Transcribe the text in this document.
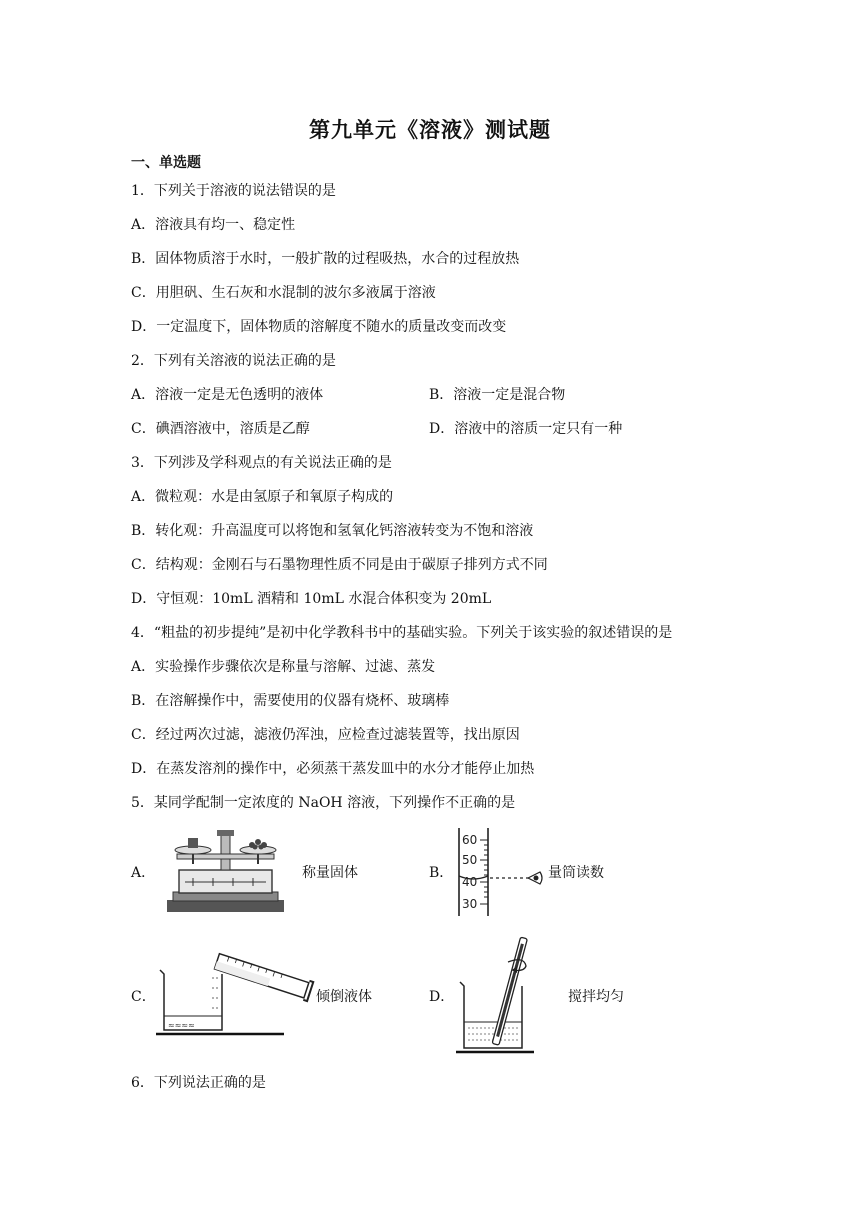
第九单元《溶液》测试题
一、单选题
1．下列关于溶液的说法错误的是
A．溶液具有均一、稳定性
B．固体物质溶于水时，一般扩散的过程吸热，水合的过程放热
C．用胆矾、生石灰和水混制的波尔多液属于溶液
D．一定温度下，固体物质的溶解度不随水的质量改变而改变
2．下列有关溶液的说法正确的是
A．溶液一定是无色透明的液体	B．溶液一定是混合物
C．碘酒溶液中，溶质是乙醇	D．溶液中的溶质一定只有一种
3．下列涉及学科观点的有关说法正确的是
A．微粒观：水是由氢原子和氧原子构成的
B．转化观：升高温度可以将饱和氢氧化钙溶液转变为不饱和溶液
C．结构观：金刚石与石墨物理性质不同是由于碳原子排列方式不同
D．守恒观：10mL 酒精和 10mL 水混合体积变为 20mL
4．“粗盐的初步提纯”是初中化学教科书中的基础实验。下列关于该实验的叙述错误的是
A．实验操作步骤依次是称量与溶解、过滤、蒸发
B．在溶解操作中，需要使用的仪器有烧杯、玻璃棒
C．经过两次过滤，滤液仍浑浊，应检查过滤装置等，找出原因
D．在蒸发溶剂的操作中，必须蒸干蒸发皿中的水分才能停止加热
5．某同学配制一定浓度的 NaOH 溶液，下列操作不正确的是
A．	称量固体	B．
60
50
40
30
量筒读数
C．
≈≈≈≈
倾倒液体	D．	搅拌均匀
6．下列说法正确的是
